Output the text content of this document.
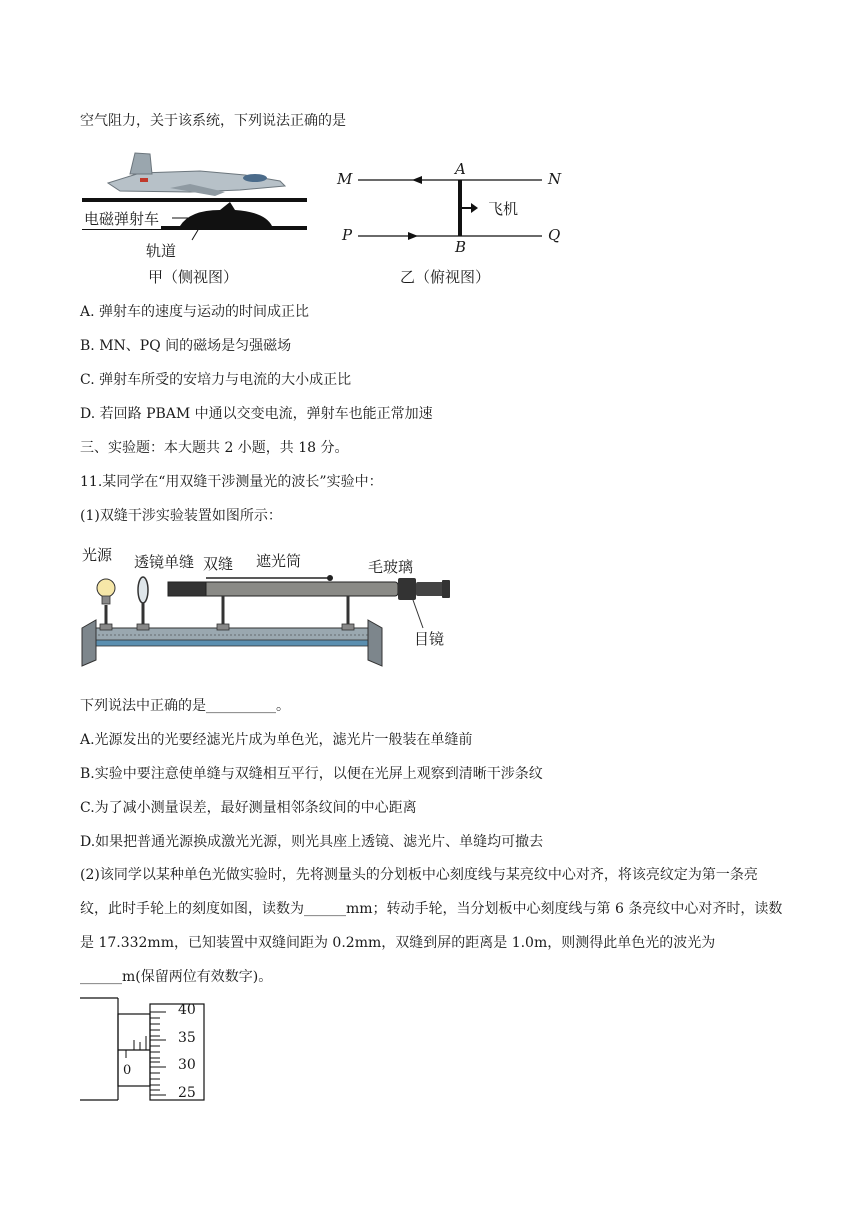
空气阻力，关于该系统，下列说法正确的是
电磁弹射车
轨道
甲（侧视图）
M
A
N
P
B
Q
飞机
乙（俯视图）
A. 弹射车的速度与运动的时间成正比
B. MN、PQ 间的磁场是匀强磁场
C. 弹射车所受的安培力与电流的大小成正比
D. 若回路 PBAM 中通以交变电流，弹射车也能正常加速
三、实验题：本大题共 2 小题，共 18 分。
11.某同学在“用双缝干涉测量光的波长”实验中：
(1)双缝干涉实验装置如图所示：
光源 透镜单缝 双缝 遮光筒	毛玻璃
目镜
下列说法中正确的是__________。
A.光源发出的光要经滤光片成为单色光，滤光片一般装在单缝前
B.实验中要注意使单缝与双缝相互平行，以便在光屏上观察到清晰干涉条纹
C.为了减小测量误差，最好测量相邻条纹间的中心距离
D.如果把普通光源换成激光光源，则光具座上透镜、滤光片、单缝均可撤去
(2)该同学以某种单色光做实验时，先将测量头的分划板中心刻度线与某亮纹中心对齐，将该亮纹定为第一条亮纹，此时手轮上的刻度如图，读数为______mm；转动手轮，当分划板中心刻度线与第 6 条亮纹中心对齐时，读数是 17.332mm，已知装置中双缝间距为 0.2mm，双缝到屏的距离是 1.0m，则测得此单色光的波光为______m(保留两位有效数字)。
0
40
35
30
25
